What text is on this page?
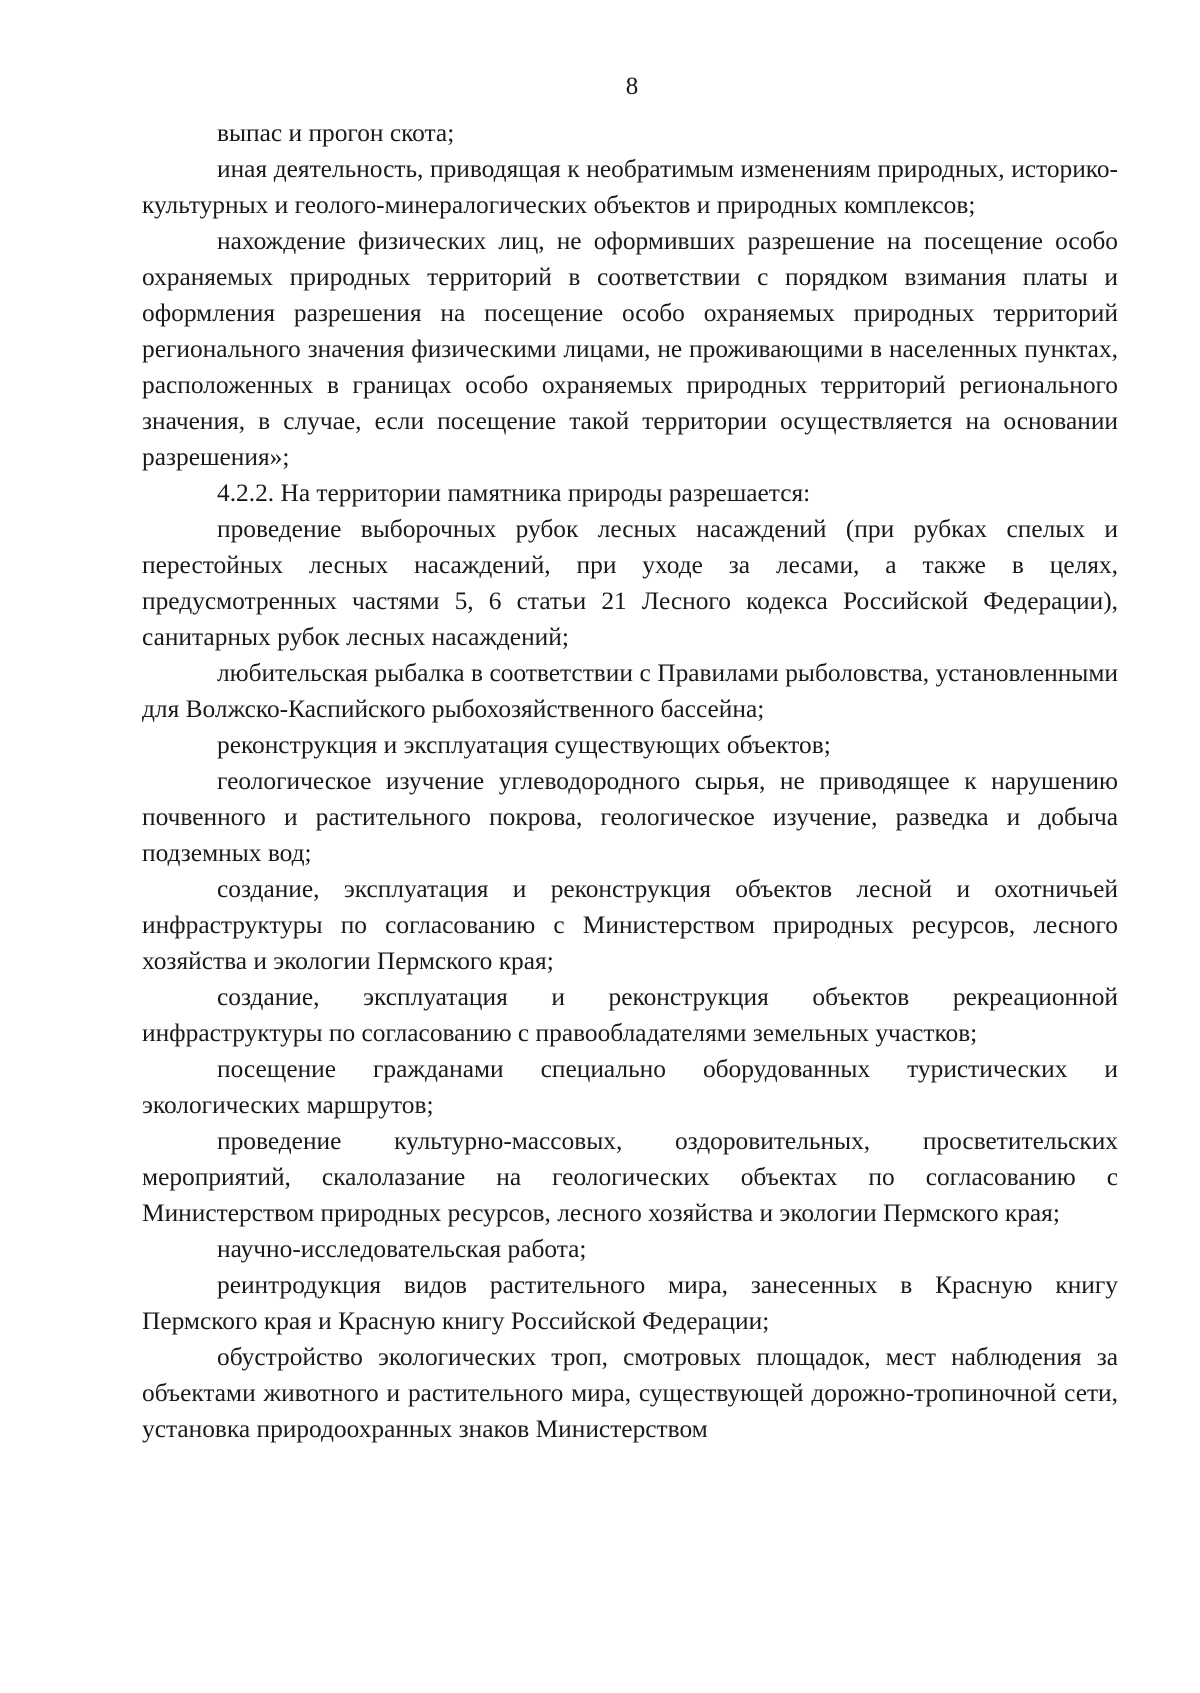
8

выпас и прогон скота;

иная деятельность, приводящая к необратимым изменениям природных, историко-культурных и геолого-минералогических объектов и природных комплексов;

нахождение физических лиц, не оформивших разрешение на посещение особо охраняемых природных территорий в соответствии с порядком взимания платы и оформления разрешения на посещение особо охраняемых природных территорий регионального значения физическими лицами, не проживающими в населенных пунктах, расположенных в границах особо охраняемых природных территорий регионального значения, в случае, если посещение такой территории осуществляется на основании разрешения»;

4.2.2. На территории памятника природы разрешается:

проведение выборочных рубок лесных насаждений (при рубках спелых и перестойных лесных насаждений, при уходе за лесами, а также в целях, предусмотренных частями 5, 6 статьи 21 Лесного кодекса Российской Федерации), санитарных рубок лесных насаждений;

любительская рыбалка в соответствии с Правилами рыболовства, установленными для Волжско-Каспийского рыбохозяйственного бассейна;

реконструкция и эксплуатация существующих объектов;

геологическое изучение углеводородного сырья, не приводящее к нарушению почвенного и растительного покрова, геологическое изучение, разведка и добыча подземных вод;

создание, эксплуатация и реконструкция объектов лесной и охотничьей инфраструктуры по согласованию с Министерством природных ресурсов, лесного хозяйства и экологии Пермского края;

создание, эксплуатация и реконструкция объектов рекреационной инфраструктуры по согласованию с правообладателями земельных участков;

посещение гражданами специально оборудованных туристических и экологических маршрутов;

проведение культурно-массовых, оздоровительных, просветительских мероприятий, скалолазание на геологических объектах по согласованию с Министерством природных ресурсов, лесного хозяйства и экологии Пермского края;

научно-исследовательская работа;

реинтродукция видов растительного мира, занесенных в Красную книгу Пермского края и Красную книгу Российской Федерации;

обустройство экологических троп, смотровых площадок, мест наблюдения за объектами животного и растительного мира, существующей дорожно-тропиночной сети, установка природоохранных знаков Министерством
